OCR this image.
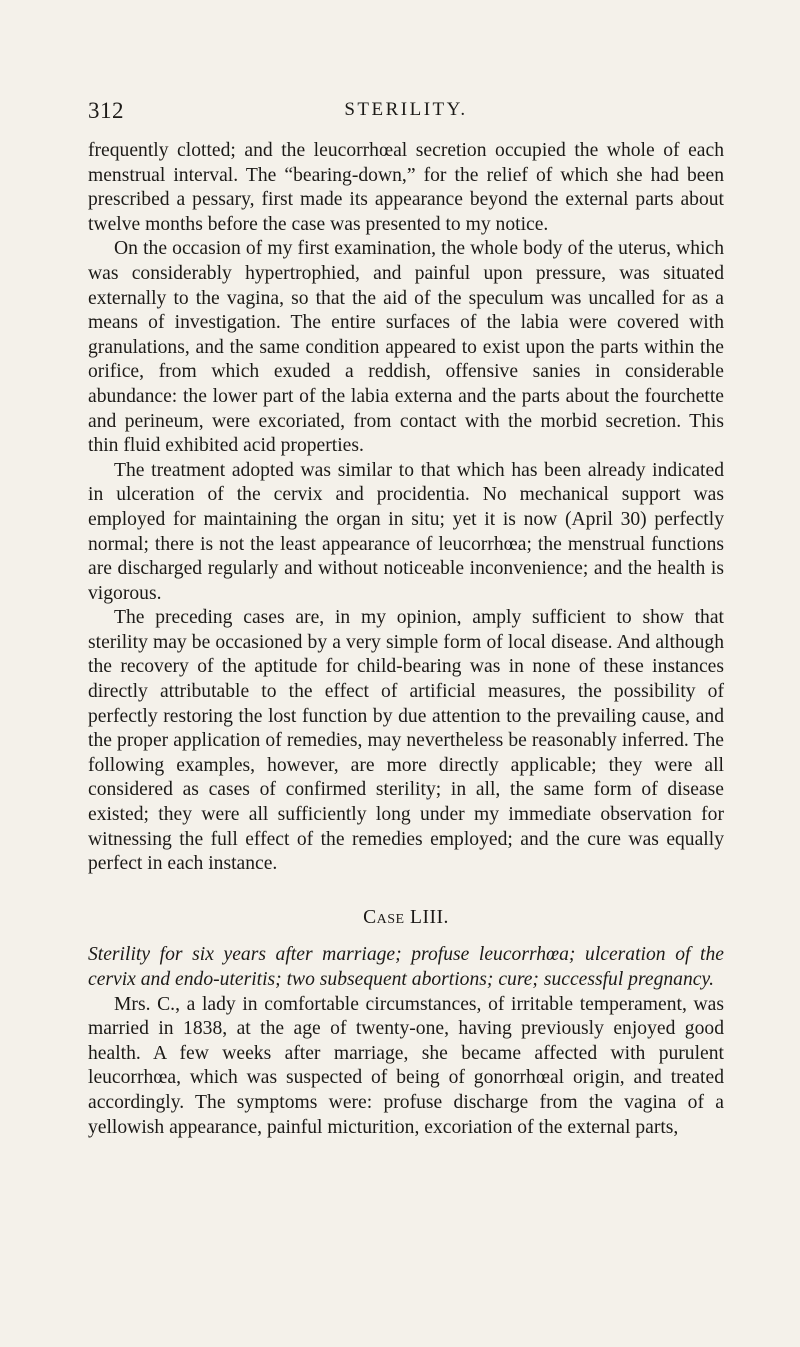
312	STERILITY.

frequently clotted; and the leucorrhœal secretion occupied the whole of each menstrual interval. The “bearing-down,” for the relief of which she had been prescribed a pessary, first made its appearance beyond the external parts about twelve months before the case was presented to my notice.

On the occasion of my first examination, the whole body of the uterus, which was considerably hypertrophied, and painful upon pressure, was situated externally to the vagina, so that the aid of the speculum was uncalled for as a means of investigation. The entire surfaces of the labia were covered with granulations, and the same condition appeared to exist upon the parts within the orifice, from which exuded a reddish, offensive sanies in considerable abundance: the lower part of the labia externa and the parts about the fourchette and perineum, were excoriated, from contact with the morbid secretion. This thin fluid exhibited acid properties.

The treatment adopted was similar to that which has been already indicated in ulceration of the cervix and procidentia. No mechanical support was employed for maintaining the organ in situ; yet it is now (April 30) perfectly normal; there is not the least appearance of leucorrhœa; the menstrual functions are discharged regularly and without noticeable inconvenience; and the health is vigorous.

The preceding cases are, in my opinion, amply sufficient to show that sterility may be occasioned by a very simple form of local disease. And although the recovery of the aptitude for child-bearing was in none of these instances directly attributable to the effect of artificial measures, the possibility of perfectly restoring the lost function by due attention to the prevailing cause, and the proper application of remedies, may nevertheless be reasonably inferred. The following examples, however, are more directly applicable; they were all considered as cases of confirmed sterility; in all, the same form of disease existed; they were all sufficiently long under my immediate observation for witnessing the full effect of the remedies employed; and the cure was equally perfect in each instance.

Case LIII.

Sterility for six years after marriage; profuse leucorrhœa; ulceration of the cervix and endo-uteritis; two subsequent abortions; cure; successful pregnancy.

Mrs. C., a lady in comfortable circumstances, of irritable temperament, was married in 1838, at the age of twenty-one, having previously enjoyed good health. A few weeks after marriage, she became affected with purulent leucorrhœa, which was suspected of being of gonorrhœal origin, and treated accordingly. The symptoms were: profuse discharge from the vagina of a yellowish appearance, painful micturition, excoriation of the external parts,
